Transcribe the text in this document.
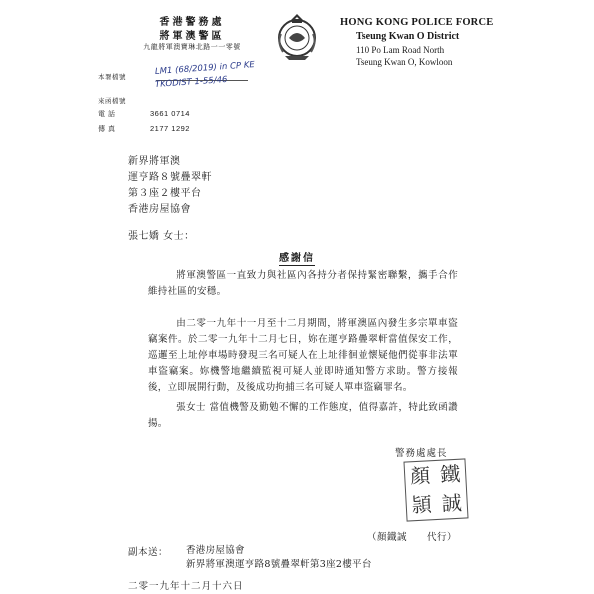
香港警務處
將軍澳警區
九龍將軍澳寶琳北路一一零號
HONG KONG POLICE FORCE
Tseung Kwan O District
110 Po Lam Road North
Tseung Kwan O, Kowloon
本署檔號
LM1 (68/2019) in CP KE
TKODIST 1-55/46
來函檔號
電話	3661 0714
傳真	2177 1292
新界將軍澳
運亨路８號疊翠軒
第３座２樓平台
香港房屋協會
張七嬌 女士：
感謝信
將軍澳警區一直致力與社區內各持分者保持緊密聯繫，攜手合作維持社區的安穩。
由二零一九年十一月至十二月期間，將軍澳區內發生多宗單車盜竊案件。於二零一九年十二月七日，妳在運亨路疊翠軒當值保安工作，巡邏至上址停車場時發現三名可疑人在上址徘徊並懷疑他們從事非法單車盜竊案。妳機警地繼續監視可疑人並即時通知警方求助。警方接報後，立即展開行動，及後成功拘捕三名可疑人單車盜竊罪名。
張女士 當值機警及勤勉不懈的工作態度，值得嘉許，特此致函讚揚。
警務處處長
顏 鐵
頴 誠
（顏鐵誠　　代行）
副本送： 香港房屋協會
新界將軍澳運亨路8號疊翠軒第3座2樓平台
二零一九年十二月十六日
